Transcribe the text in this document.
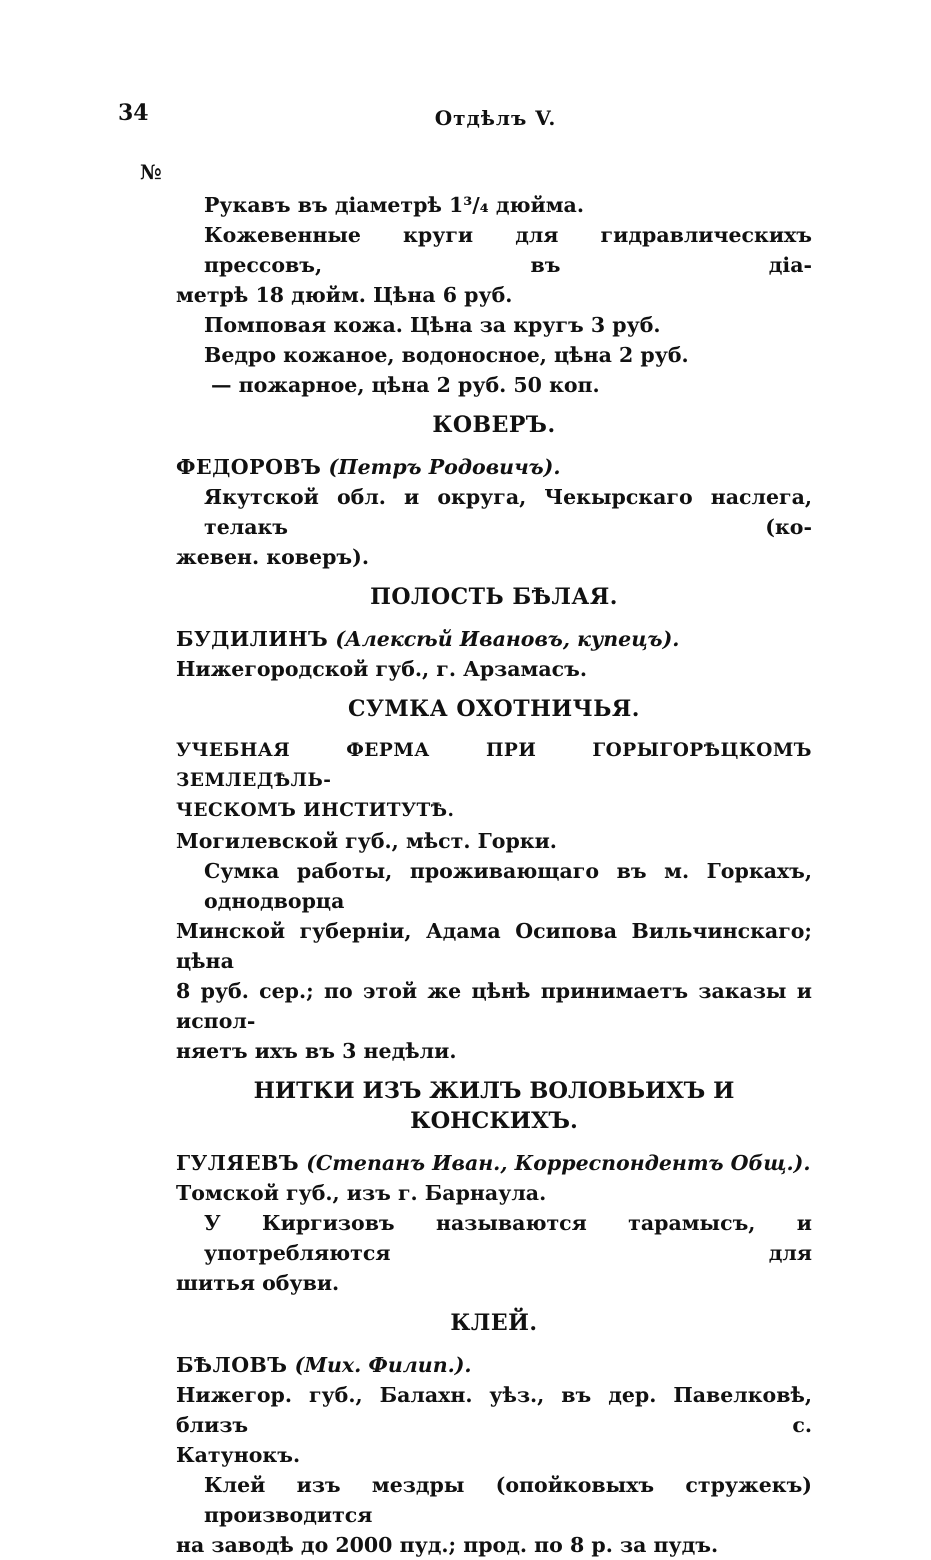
34	Отдѣлъ V.
№
Рукавъ въ діаметрѣ 1³/₄ дюйма.
Кожевенные круги для гидравлическихъ прессовъ, въ діа-
метрѣ 18 дюйм. Цѣна 6 руб.
Помповая кожа. Цѣна за кругъ 3 руб.
Ведро кожаное, водоносное, цѣна 2 руб.
— пожарное, цѣна 2 руб. 50 коп.
КОВЕРЪ.
ФЕДОРОВЪ (Петръ Родовичъ).
Якутской обл. и округа, Чекырскаго наслега, телакъ (ко-
жевен. коверъ).
ПОЛОСТЬ БѢЛАЯ.
БУДИЛИНЪ (Алексѣй Ивановъ, купецъ).
Нижегородской губ., г. Арзамасъ.
СУМКА ОХОТНИЧЬЯ.
УЧЕБНАЯ ФЕРМА ПРИ ГОРЫГОРѢЦКОМЪ ЗЕМЛЕДѢЛЬ-
ЧЕСКОМЪ ИНСТИТУТѢ.
Могилевской губ., мѣст. Горки.
Сумка работы, проживающаго въ м. Горкахъ, однодворца
Минской губерніи, Адама Осипова Вильчинскаго; цѣна
8 руб. сер.; по этой же цѣнѣ принимаетъ заказы и испол-
няетъ ихъ въ 3 недѣли.
НИТКИ ИЗЪ ЖИЛЪ ВОЛОВЬИХЪ И КОНСКИХЪ.
ГУЛЯЕВЪ (Степанъ Иван., Корреспондентъ Общ.).
Томской губ., изъ г. Барнаула.
У Киргизовъ называются тарамысъ, и употребляются для
шитья обуви.
КЛЕЙ.
БѢЛОВЪ (Мих. Филип.).
Нижегор. губ., Балахн. уѣз., въ дер. Павелковѣ, близъ с.
Катунокъ.
Клей изъ мездры (опойковыхъ стружекъ) производится
на заводѣ до 2000 пуд.; прод. по 8 р. за пудъ.
